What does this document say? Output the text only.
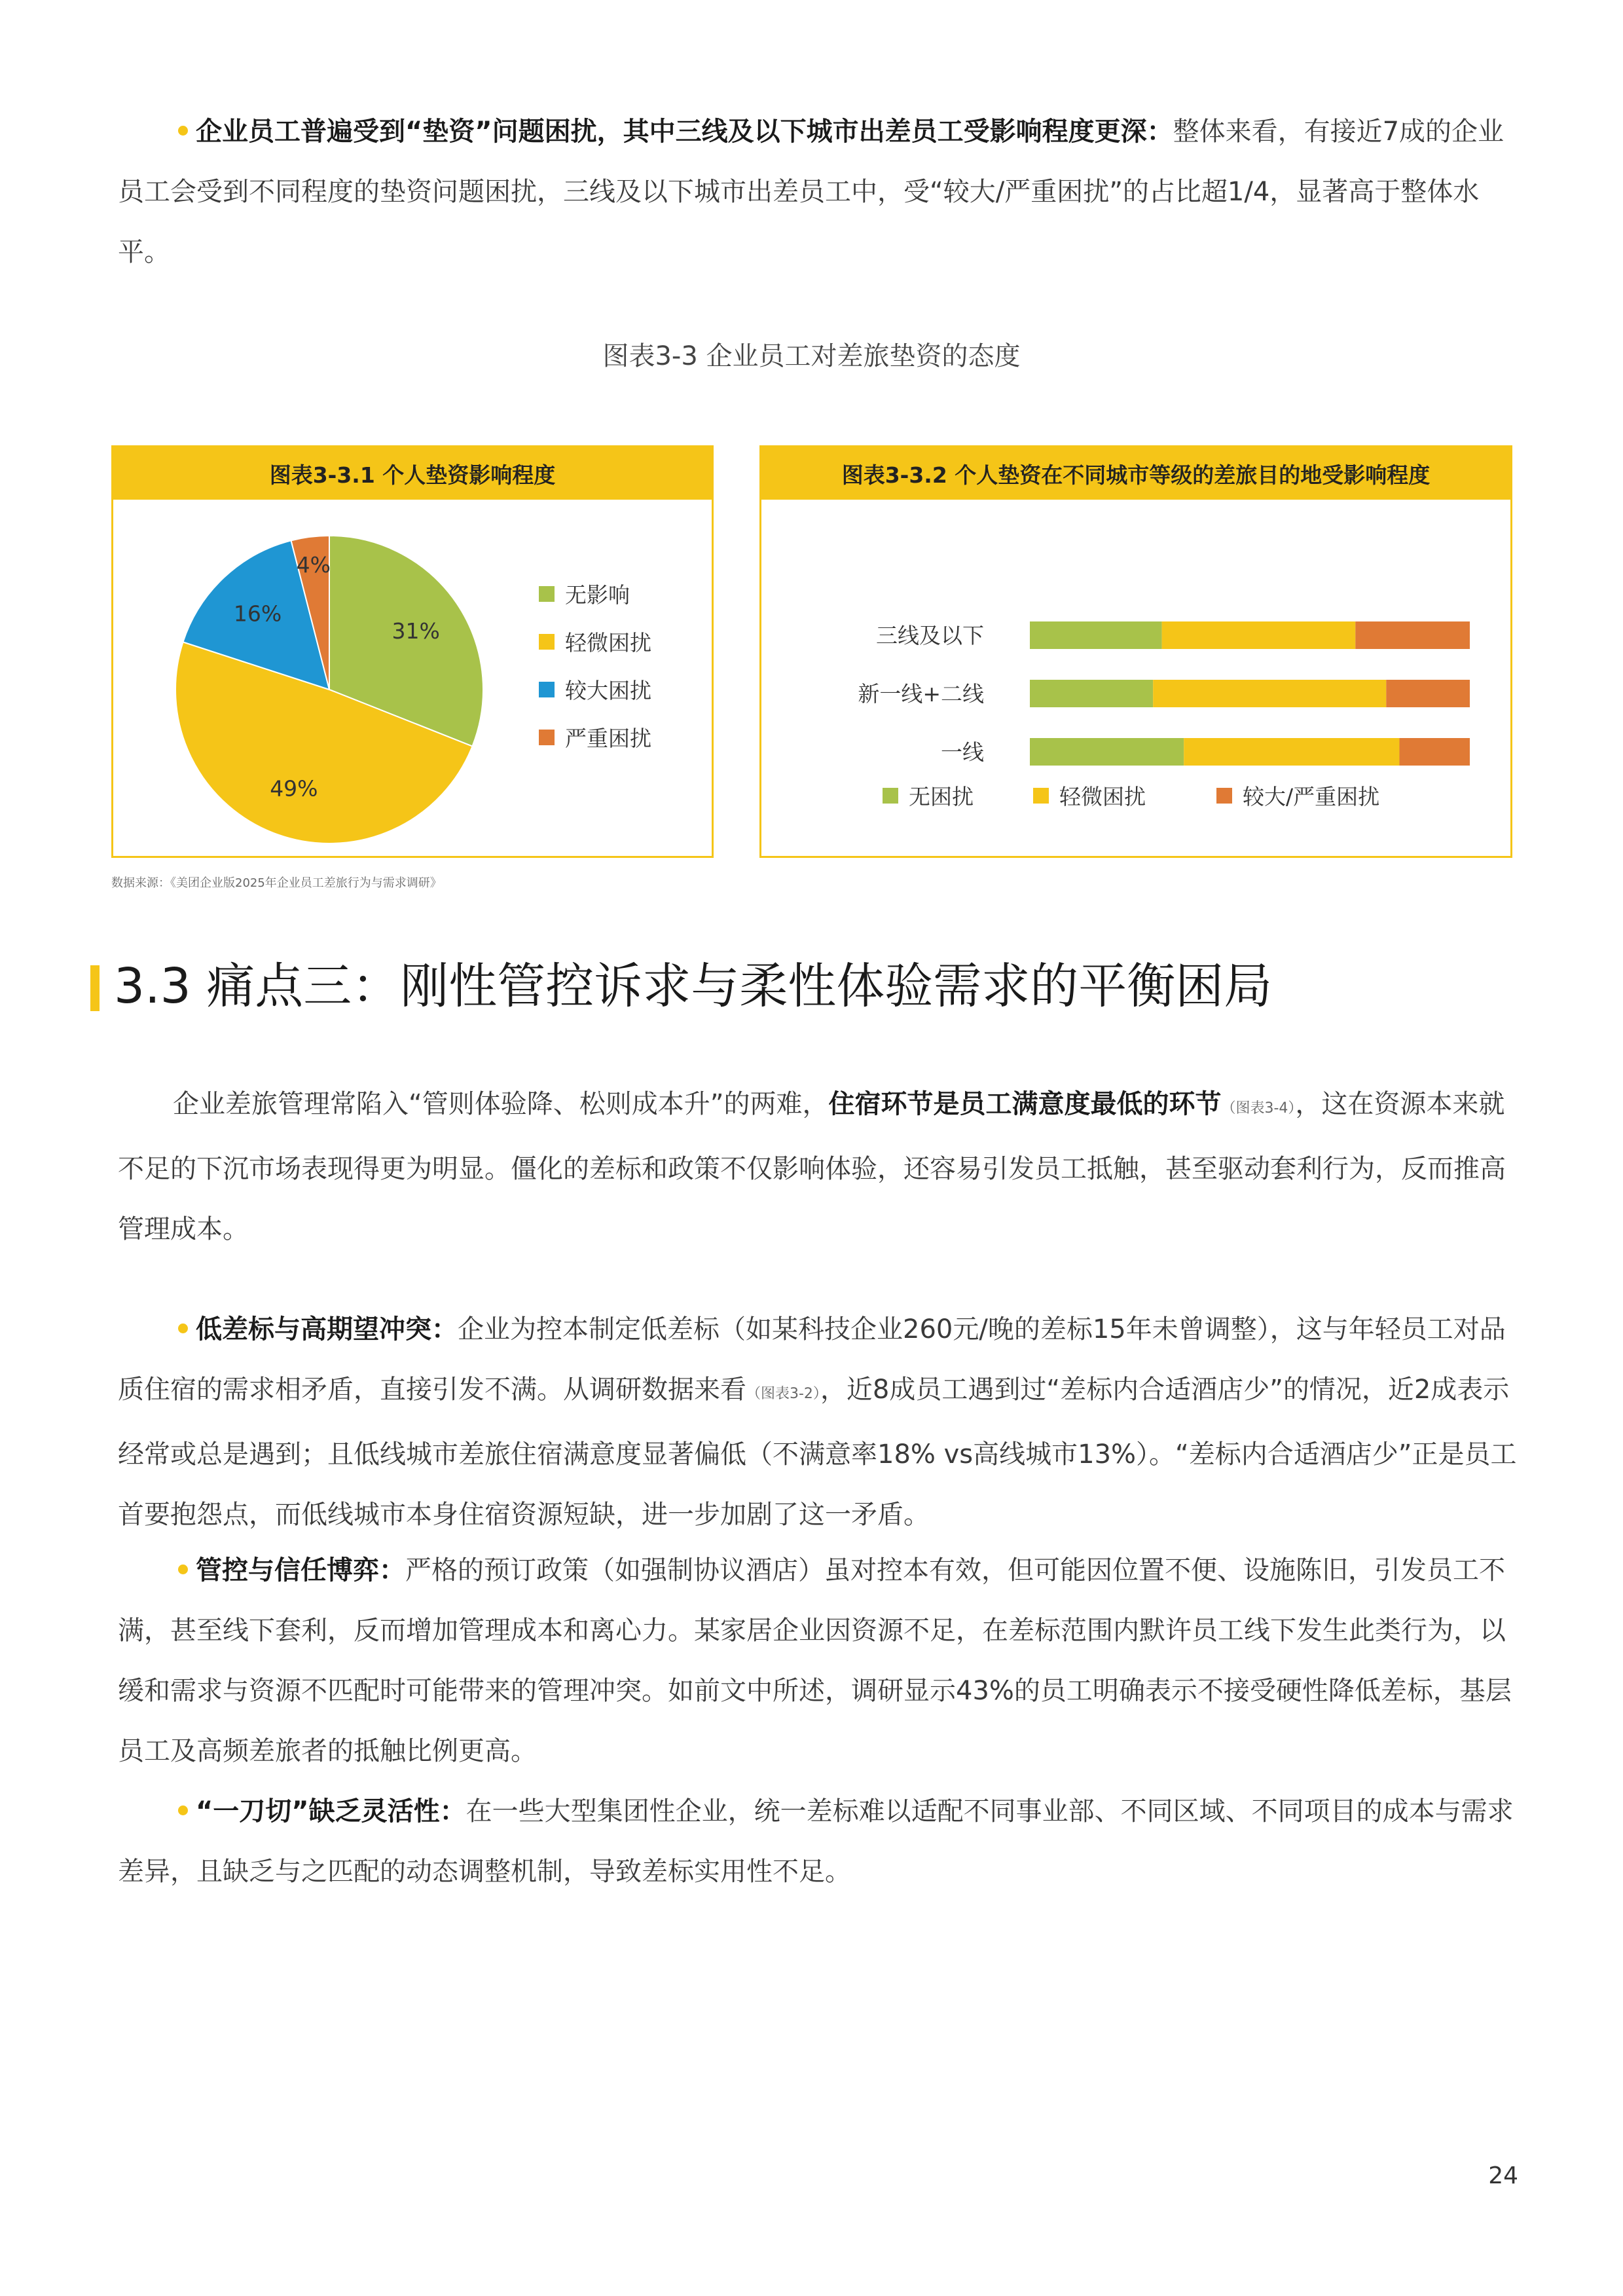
企业员工普遍受到“垫资”问题困扰，其中三线及以下城市出差员工受影响程度更深：整体来看，有接近7成的企业员工会受到不同程度的垫资问题困扰，三线及以下城市出差员工中，受“较大/严重困扰”的占比超1/4，显著高于整体水平。
图表3-3 企业员工对差旅垫资的态度
图表3-3.1 个人垫资影响程度
31%
49%
16%
4%
无影响
轻微困扰
较大困扰
严重困扰
图表3-3.2 个人垫资在不同城市等级的差旅目的地受影响程度
三线及以下
新一线+二线
一线
无困扰	轻微困扰	较大/严重困扰
数据来源：《美团企业版2025年企业员工差旅行为与需求调研》
3.3 痛点三：刚性管控诉求与柔性体验需求的平衡困局
企业差旅管理常陷入“管则体验降、松则成本升”的两难，住宿环节是员工满意度最低的环节（图表3-4），这在资源本来就不足的下沉市场表现得更为明显。僵化的差标和政策不仅影响体验，还容易引发员工抵触，甚至驱动套利行为，反而推高管理成本。
低差标与高期望冲突：企业为控本制定低差标（如某科技企业260元/晚的差标15年未曾调整），这与年轻员工对品质住宿的需求相矛盾，直接引发不满。从调研数据来看（图表3-2），近8成员工遇到过“差标内合适酒店少”的情况，近2成表示经常或总是遇到；且低线城市差旅住宿满意度显著偏低（不满意率18% vs高线城市13%）。“差标内合适酒店少”正是员工首要抱怨点，而低线城市本身住宿资源短缺，进一步加剧了这一矛盾。
管控与信任博弈：严格的预订政策（如强制协议酒店）虽对控本有效，但可能因位置不便、设施陈旧，引发员工不满，甚至线下套利，反而增加管理成本和离心力。某家居企业因资源不足，在差标范围内默许员工线下发生此类行为，以缓和需求与资源不匹配时可能带来的管理冲突。如前文中所述，调研显示43%的员工明确表示不接受硬性降低差标，基层员工及高频差旅者的抵触比例更高。
“一刀切”缺乏灵活性：在一些大型集团性企业，统一差标难以适配不同事业部、不同区域、不同项目的成本与需求差异，且缺乏与之匹配的动态调整机制，导致差标实用性不足。
24
